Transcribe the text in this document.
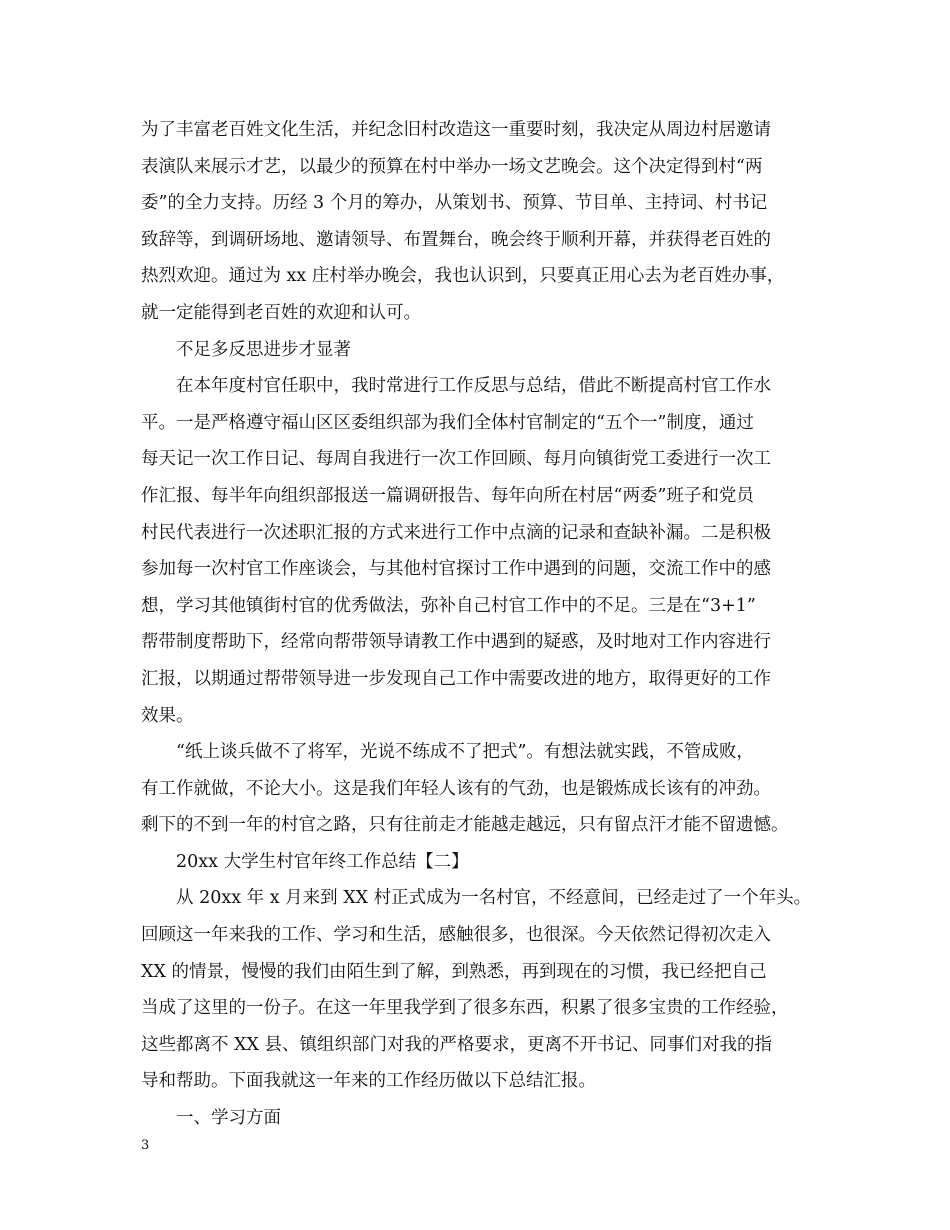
为了丰富老百姓文化生活，并纪念旧村改造这一重要时刻，我决定从周边村居邀请
表演队来展示才艺，以最少的预算在村中举办一场文艺晚会。这个决定得到村“两
委”的全力支持。历经 3 个月的筹办，从策划书、预算、节目单、主持词、村书记
致辞等，到调研场地、邀请领导、布置舞台，晚会终于顺利开幕，并获得老百姓的
热烈欢迎。通过为 xx 庄村举办晚会，我也认识到，只要真正用心去为老百姓办事，
就一定能得到老百姓的欢迎和认可。

　　不足多反思进步才显著

　　在本年度村官任职中，我时常进行工作反思与总结，借此不断提高村官工作水
平。一是严格遵守福山区区委组织部为我们全体村官制定的“五个一”制度，通过
每天记一次工作日记、每周自我进行一次工作回顾、每月向镇街党工委进行一次工
作汇报、每半年向组织部报送一篇调研报告、每年向所在村居“两委”班子和党员
村民代表进行一次述职汇报的方式来进行工作中点滴的记录和查缺补漏。二是积极
参加每一次村官工作座谈会，与其他村官探讨工作中遇到的问题，交流工作中的感
想，学习其他镇街村官的优秀做法，弥补自己村官工作中的不足。三是在“3+1”
帮带制度帮助下，经常向帮带领导请教工作中遇到的疑惑，及时地对工作内容进行
汇报，以期通过帮带领导进一步发现自己工作中需要改进的地方，取得更好的工作
效果。

　　“纸上谈兵做不了将军，光说不练成不了把式”。有想法就实践，不管成败，
有工作就做，不论大小。这是我们年轻人该有的气劲，也是锻炼成长该有的冲劲。
剩下的不到一年的村官之路，只有往前走才能越走越远，只有留点汗才能不留遗憾。

　　20xx 大学生村官年终工作总结【二】

　　从 20xx 年 x 月来到 XX 村正式成为一名村官，不经意间，已经走过了一个年头。
回顾这一年来我的工作、学习和生活，感触很多，也很深。今天依然记得初次走入
XX 的情景，慢慢的我们由陌生到了解，到熟悉，再到现在的习惯，我已经把自己
当成了这里的一份子。在这一年里我学到了很多东西，积累了很多宝贵的工作经验，
这些都离不 XX 县、镇组织部门对我的严格要求，更离不开书记、同事们对我的指
导和帮助。下面我就这一年来的工作经历做以下总结汇报。

　　一、学习方面

3
